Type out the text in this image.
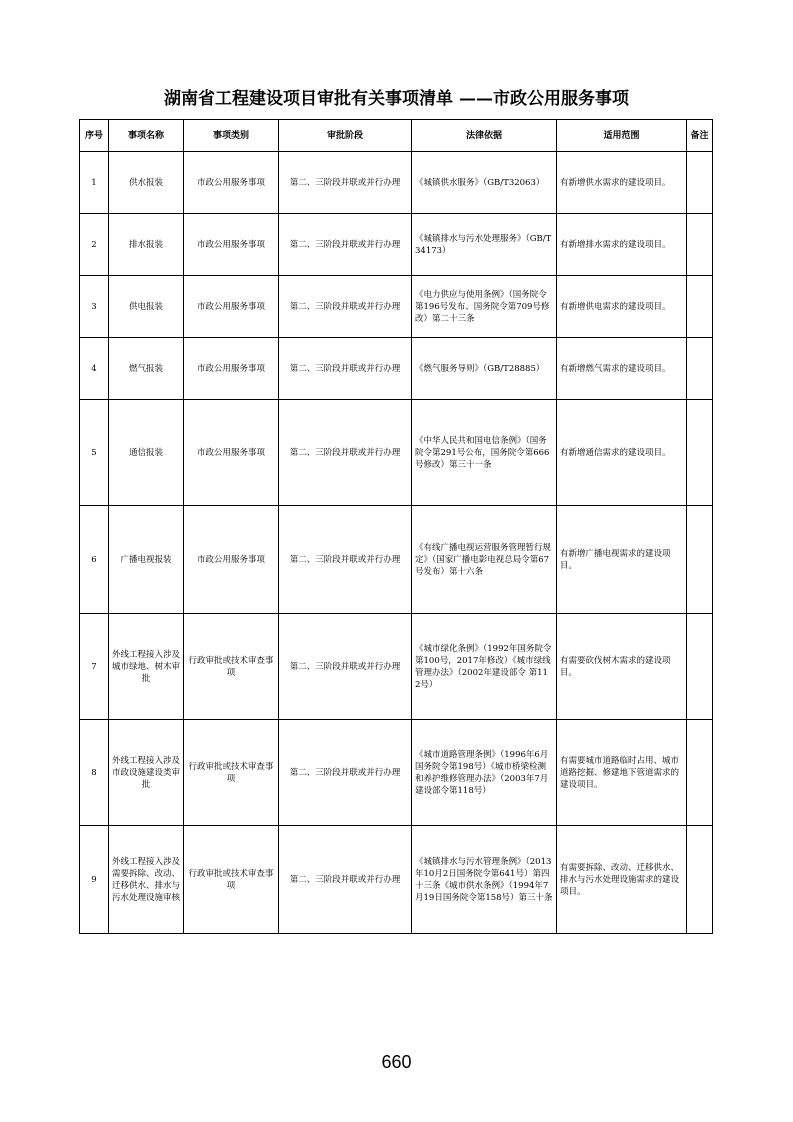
湖南省工程建设项目审批有关事项清单 ——市政公用服务事项
序号	事项名称	事项类别	审批阶段	法律依据	适用范围	备注
1	供水报装	市政公用服务事项	第二、三阶段并联或并行办理	《城镇供水服务》（GB/T32063）	有新增供水需求的建设项目。	
2	排水报装	市政公用服务事项	第二、三阶段并联或并行办理	《城镇排水与污水处理服务》（GB/T34173）	有新增排水需求的建设项目。	
3	供电报装	市政公用服务事项	第二、三阶段并联或并行办理	《电力供应与使用条例》（国务院令第196号发布、国务院令第709号修改）第二十三条	有新增供电需求的建设项目。	
4	燃气报装	市政公用服务事项	第二、三阶段并联或并行办理	《燃气服务导则》（GB/T28885）	有新增燃气需求的建设项目。	
5	通信报装	市政公用服务事项	第二、三阶段并联或并行办理	《中华人民共和国电信条例》（国务院令第291号公布，国务院令第666号修改）第三十一条	有新增通信需求的建设项目。	
6	广播电视报装	市政公用服务事项	第二、三阶段并联或并行办理	《有线广播电视运营服务管理暂行规定》（国家广播电影电视总局令第67号发布）第十六条	有新增广播电视需求的建设项目。	
7	外线工程接入涉及城市绿地、树木审批	行政审批或技术审查事项	第二、三阶段并联或并行办理	《城市绿化条例》（1992年国务院令第100号，2017年修改）《城市绿线管理办法》（2002年建设部令 第112号）	有需要砍伐树木需求的建设项目。	
8	外线工程接入涉及市政设施建设类审批	行政审批或技术审查事项	第二、三阶段并联或并行办理	《城市道路管理条例》（1996年6月国务院令第198号）《城市桥梁检测和养护维修管理办法》（2003年7月建设部令第118号）	有需要城市道路临时占用、城市道路挖掘、修建地下管道需求的建设项目。	
9	外线工程接入涉及需要拆除、改动、迁移供水、排水与污水处理设施审核	行政审批或技术审查事项	第二、三阶段并联或并行办理	《城镇排水与污水管理条例》（2013年10月2日国务院令第641号）第四十三条《城市供水条例》（1994年7月19日国务院令第158号）第三十条	有需要拆除、改动、迁移供水、排水与污水处理设施需求的建设项目。	
660
